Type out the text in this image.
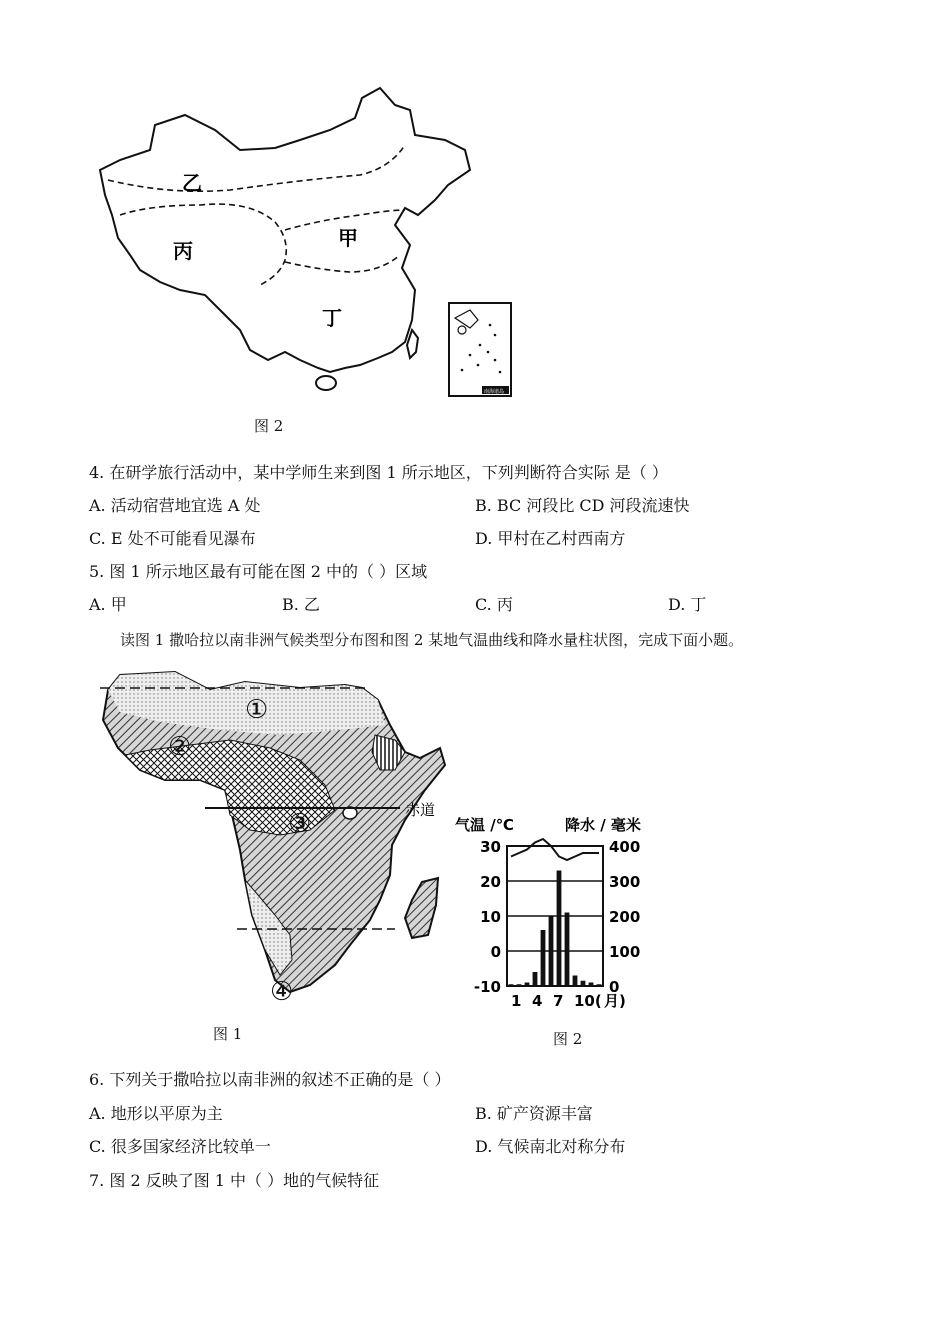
乙
丙
甲
丁
南海诸岛
图 2
4. 在研学旅行活动中，某中学师生来到图 1 所示地区，下列判断符合实际 是（ ）
A. 活动宿营地宜选 A 处	B. BC 河段比 CD 河段流速快
C. E 处不可能看见瀑布	D. 甲村在乙村西南方
5. 图 1 所示地区最有可能在图 2 中的（ ）区域
A. 甲	B. 乙	C. 丙	D. 丁
读图 1 撒哈拉以南非洲气候类型分布图和图 2 某地气温曲线和降水量柱状图，完成下面小题。
赤道
①
②
③
④
图 1
气温 /℃	降水 / 毫米
30
20
10
0
-10
400
300
200
100
0
1 4 7 10( 月)
图 2
6. 下列关于撒哈拉以南非洲的叙述不正确的是（ ）
A. 地形以平原为主	B. 矿产资源丰富
C. 很多国家经济比较单一	D. 气候南北对称分布
7. 图 2 反映了图 1 中（ ）地的气候特征
